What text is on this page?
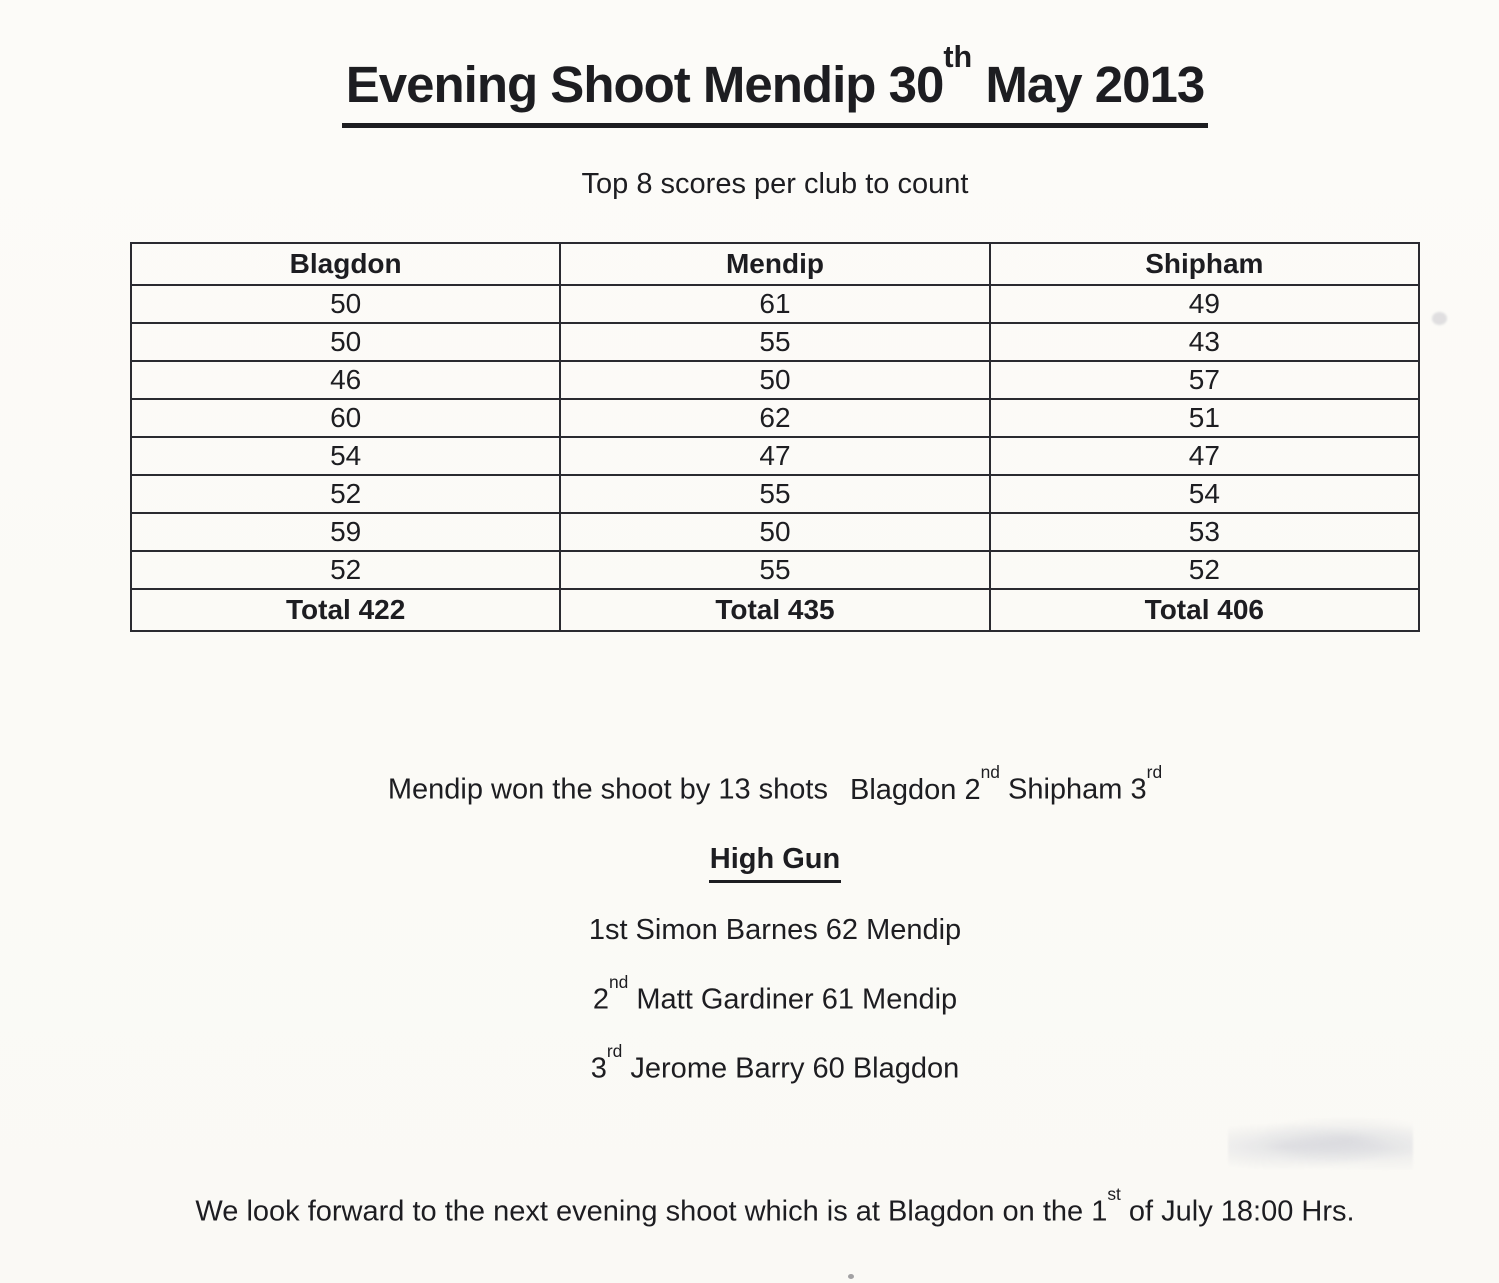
Evening Shoot Mendip 30th May 2013
Top 8 scores per club to count
Blagdon	Mendip	Shipham
50	61	49
50	55	43
46	50	57
60	62	51
54	47	47
52	55	54
59	50	53
52	55	52
Total 422	Total 435	Total 406
Mendip won the shoot by 13 shots Blagdon 2nd Shipham 3rd
High Gun
1st Simon Barnes 62 Mendip
2nd Matt Gardiner 61 Mendip
3rd Jerome Barry 60 Blagdon
We look forward to the next evening shoot which is at Blagdon on the 1st of July 18:00 Hrs.
